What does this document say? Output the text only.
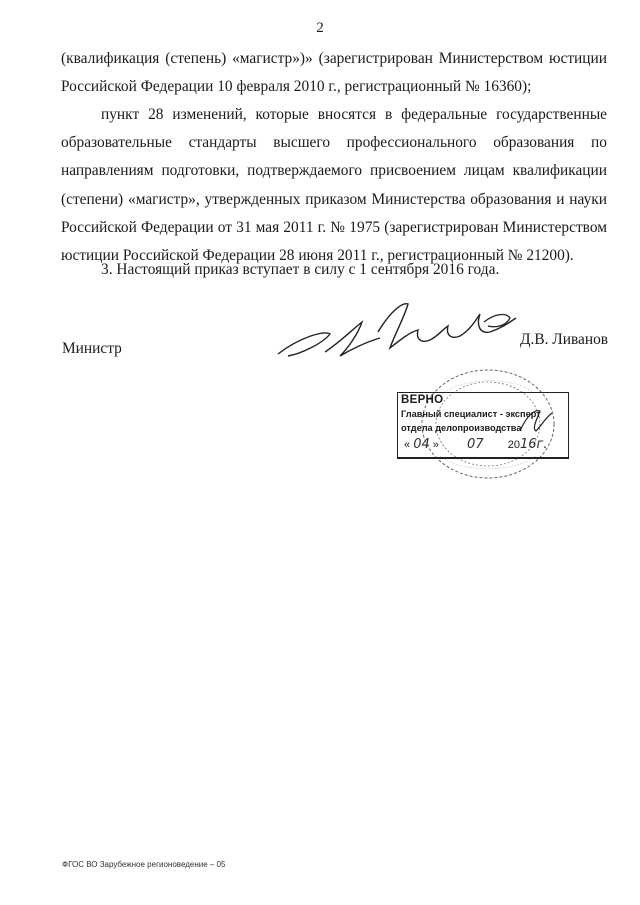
2

(квалификация (степень) «магистр»)» (зарегистрирован Министерством юстиции Российской Федерации 10 февраля 2010 г., регистрационный № 16360);

пункт 28 изменений, которые вносятся в федеральные государственные образовательные стандарты высшего профессионального образования по направлениям подготовки, подтверждаемого присвоением лицам квалификации (степени) «магистр», утвержденных приказом Министерства образования и науки Российской Федерации от 31 мая 2011 г. № 1975 (зарегистрирован Министерством юстиции Российской Федерации 28 июня 2011 г., регистрационный № 21200).

3. Настоящий приказ вступает в силу с 1 сентября 2016 года.

Министр
Д.В. Ливанов
ВЕРНО
Главный специалист - эксперт
отдела делопроизводства
« 04 » 07 2016г.
ФГОС ВО Зарубежное регионоведение – 05
